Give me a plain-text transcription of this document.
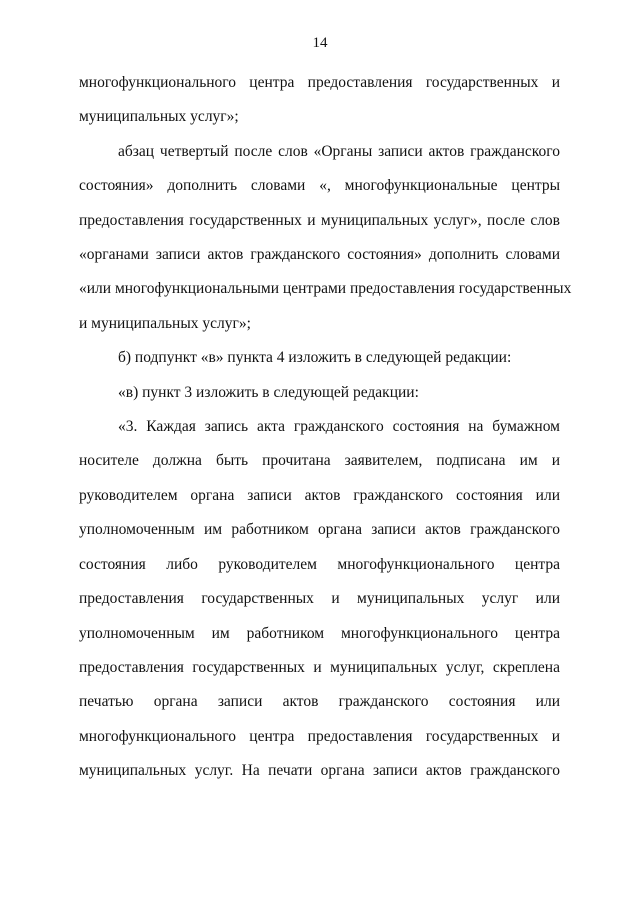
14

многофункционального центра предоставления государственных и

муниципальных услуг»;

абзац четвертый после слов «Органы записи актов гражданского

состояния» дополнить словами «, многофункциональные центры

предоставления государственных и муниципальных услуг», после слов

«органами записи актов гражданского состояния» дополнить словами

«или многофункциональными центрами предоставления государственных

и муниципальных услуг»;

б) подпункт «в» пункта 4 изложить в следующей редакции:

«в) пункт 3 изложить в следующей редакции:

«3. Каждая запись акта гражданского состояния на бумажном

носителе должна быть прочитана заявителем, подписана им и

руководителем органа записи актов гражданского состояния или

уполномоченным им работником органа записи актов гражданского

состояния либо руководителем многофункционального центра

предоставления государственных и муниципальных услуг или

уполномоченным им работником многофункционального центра

предоставления государственных и муниципальных услуг, скреплена

печатью органа записи актов гражданского состояния или

многофункционального центра предоставления государственных и

муниципальных услуг. На печати органа записи актов гражданского
